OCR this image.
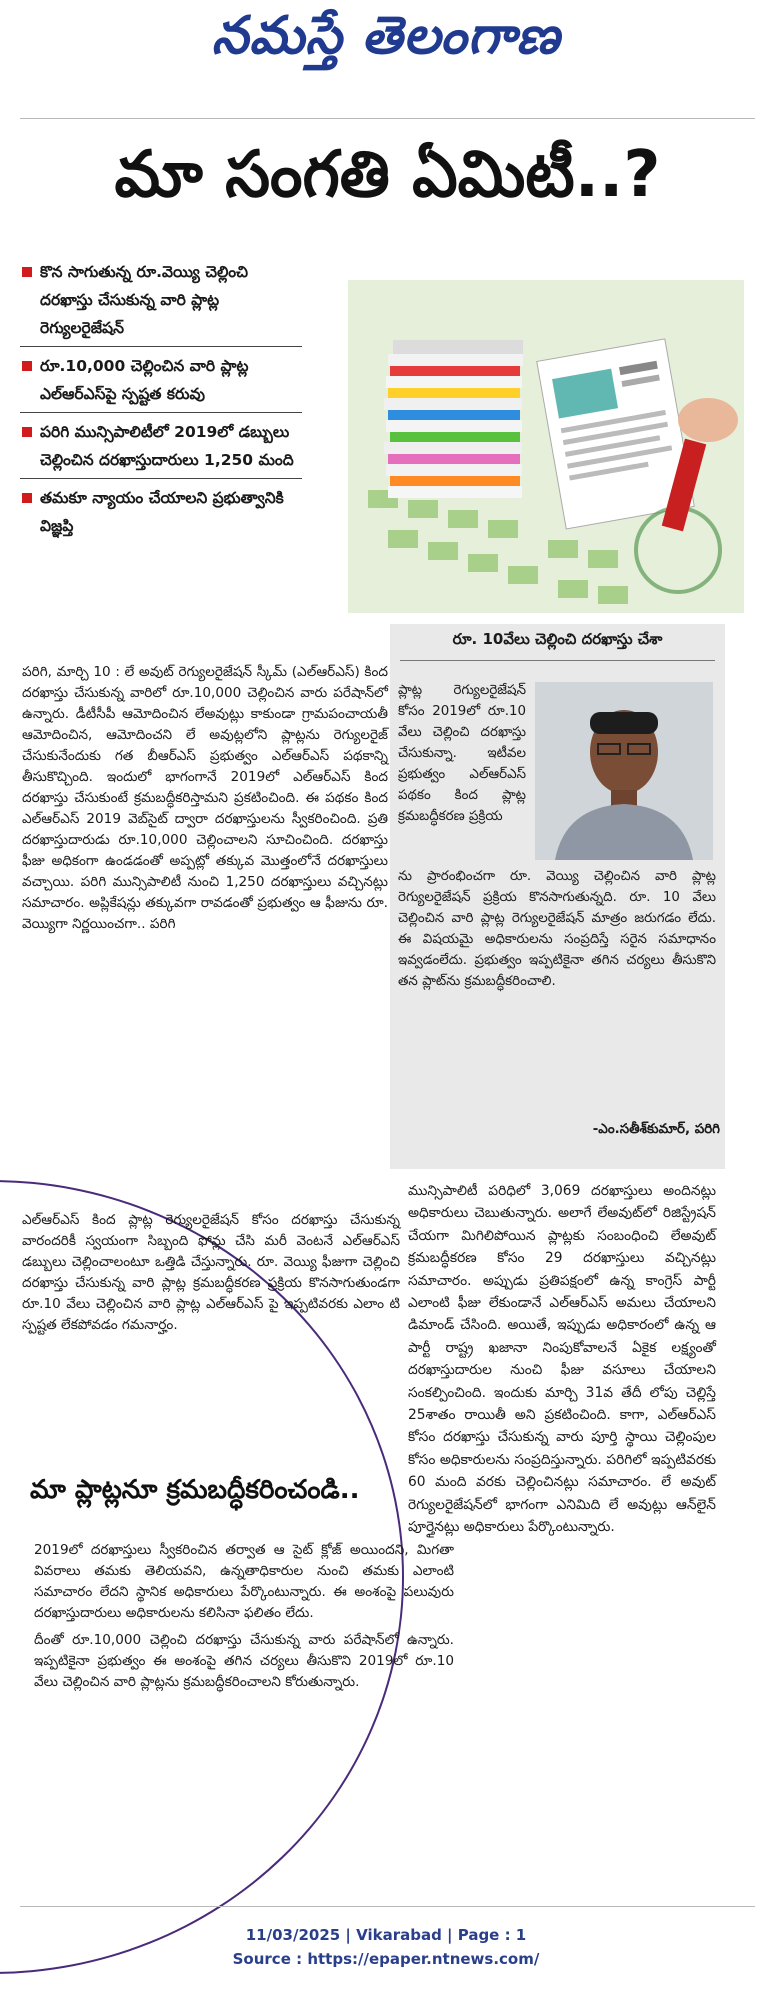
నమస్తే తెలంగాణ
మా సంగతి ఏమిటీ..?
కొన సాగుతున్న రూ.వెయ్యి చెల్లించి దరఖాస్తు చేసుకున్న వారి ప్లాట్ల రెగ్యులరైజేషన్
రూ.10,000 చెల్లించిన వారి ప్లాట్ల ఎల్ఆర్ఎస్‌పై స్పష్టత కరువు
పరిగి మున్సిపాలిటీలో 2019లో డబ్బులు చెల్లించిన దరఖాస్తుదారులు 1,250 మంది
తమకూ న్యాయం చేయాలని ప్రభుత్వానికి విజ్ఞప్తి

పరిగి, మార్చి 10 : లే అవుట్ రెగ్యులరైజేషన్ స్కీమ్ (ఎల్ఆర్ఎస్) కింద దరఖాస్తు చేసుకున్న వారిలో రూ.10,000 చెల్లించిన వారు పరేషాన్‌లో ఉన్నారు. డీటీసీపీ ఆమోదించిన లేఅవుట్లు కాకుండా గ్రామపంచాయతీ ఆమోదించిన, ఆమోదించని లే అవుట్లలోని ప్లాట్లను రెగ్యులరైజ్ చేసుకునేందుకు గత బీఆర్ఎస్ ప్రభుత్వం ఎల్ఆర్ఎస్ పథకాన్ని తీసుకొచ్చింది. ఇందులో భాగంగానే 2019లో ఎల్ఆర్ఎస్ కింద దరఖాస్తు చేసుకుంటే క్రమబద్ధీకరిస్తామని ప్రకటించింది. ఈ పథకం కింద ఎల్ఆర్ఎస్ 2019 వెబ్‌సైట్ ద్వారా దరఖాస్తులను స్వీకరించింది. ప్రతి దరఖాస్తుదారుడు రూ.10,000 చెల్లించాలని సూచించింది. దరఖాస్తు ఫీజు అధికంగా ఉండడంతో అప్పట్లో తక్కువ మొత్తంలోనే దరఖాస్తులు వచ్చాయి. పరిగి మున్సిపాలిటీ నుంచి 1,250 దరఖాస్తులు వచ్చినట్లు సమాచారం. అప్లికేషన్లు తక్కువగా రావడంతో ప్రభుత్వం ఆ ఫీజును రూ. వెయ్యిగా నిర్ణయించగా.. పరిగి

ఎల్ఆర్ఎస్ కింద ప్లాట్ల రెగ్యులరైజేషన్ కోసం దరఖాస్తు చేసుకున్న వారందరికీ స్వయంగా సిబ్బంది ఫోన్లు చేసి మరీ వెంటనే ఎల్ఆర్ఎస్ డబ్బులు చెల్లించాలంటూ ఒత్తిడి చేస్తున్నారు. రూ. వెయ్యి ఫీజుగా చెల్లించి దరఖాస్తు చేసుకున్న వారి ప్లాట్ల క్రమబద్ధీకరణ ప్రక్రియ కొనసాగుతుండగా రూ.10 వేలు చెల్లించిన వారి ప్లాట్ల ఎల్ఆర్ఎస్ పై ఇప్పటివరకు ఎలాం టి స్పష్టత లేకపోవడం గమనార్హం.

మా ప్లాట్లనూ క్రమబద్ధీకరించండి..

2019లో దరఖాస్తులు స్వీకరించిన తర్వాత ఆ సైట్ క్లోజ్ అయిందని, మిగతా వివరాలు తమకు తెలియవని, ఉన్నతాధికారుల నుంచి తమకు ఎలాంటి సమాచారం లేదని స్థానిక అధికారులు పేర్కొంటున్నారు. ఈ అంశంపై పలువురు దరఖాస్తుదారులు అధికారులను కలిసినా ఫలితం లేదు.

దీంతో రూ.10,000 చెల్లించి దరఖాస్తు చేసుకున్న వారు పరేషాన్‌లో ఉన్నారు. ఇప్పటికైనా ప్రభుత్వం ఈ అంశంపై తగిన చర్యలు తీసుకొని 2019లో రూ.10 వేలు చెల్లించిన వారి ప్లాట్లను క్రమబద్ధీకరించాలని కోరుతున్నారు.

రూ. 10వేలు చెల్లించి దరఖాస్తు చేశా

ప్లాట్ల రెగ్యులరైజేషన్ కోసం 2019లో రూ.10 వేలు చెల్లించి దరఖాస్తు చేసుకున్నా. ఇటీవల ప్రభుత్వం ఎల్ఆర్ఎస్ పథకం కింద ప్లాట్ల క్రమబద్ధీకరణ ప్రక్రియ

ను ప్రారంభించగా రూ. వెయ్యి చెల్లించిన వారి ప్లాట్ల రెగ్యులరైజేషన్ ప్రక్రియ కొనసాగుతున్నది. రూ. 10 వేలు చెల్లించిన వారి ప్లాట్ల రెగ్యులరైజేషన్ మాత్రం జరుగడం లేదు. ఈ విషయమై అధికారులను సంప్రదిస్తే సరైన సమాధానం ఇవ్వడంలేదు. ప్రభుత్వం ఇప్పటికైనా తగిన చర్యలు తీసుకొని తన ప్లాట్‌ను క్రమబద్ధీకరించాలి.

-ఎం.సతీశ్‌కుమార్, పరిగి

మున్సిపాలిటీ పరిధిలో 3,069 దరఖాస్తులు అందినట్లు అధికారులు చెబుతున్నారు. అలాగే లేఅవుట్‌లో రిజిస్ట్రేషన్ చేయగా మిగిలిపోయిన ప్లాట్లకు సంబంధించి లేఅవుట్ క్రమబద్ధీకరణ కోసం 29 దరఖాస్తులు వచ్చినట్లు సమాచారం. అప్పుడు ప్రతిపక్షంలో ఉన్న కాంగ్రెస్ పార్టీ ఎలాంటి ఫీజు లేకుండానే ఎల్ఆర్ఎస్ అమలు చేయాలని డిమాండ్ చేసింది. అయితే, ఇప్పుడు అధికారంలో ఉన్న ఆ పార్టీ రాష్ట్ర ఖజానా నింపుకోవాలనే ఏకైక లక్ష్యంతో దరఖాస్తుదారుల నుంచి ఫీజు వసూలు చేయాలని సంకల్పించింది. ఇందుకు మార్చి 31వ తేదీ లోపు చెల్లిస్తే 25శాతం రాయితీ అని ప్రకటించింది. కాగా, ఎల్ఆర్ఎస్ కోసం దరఖాస్తు చేసుకున్న వారు పూర్తి స్థాయి చెల్లింపుల కోసం అధికారులను సంప్రదిస్తున్నారు. పరిగిలో ఇప్పటివరకు 60 మంది వరకు చెల్లించినట్లు సమాచారం. లే అవుట్ రెగ్యులరైజేషన్‌లో భాగంగా ఎనిమిది లే అవుట్లు ఆన్‌లైన్ పూర్తైనట్లు అధికారులు పేర్కొంటున్నారు.

11/03/2025 | Vikarabad | Page : 1
Source : https://epaper.ntnews.com/
